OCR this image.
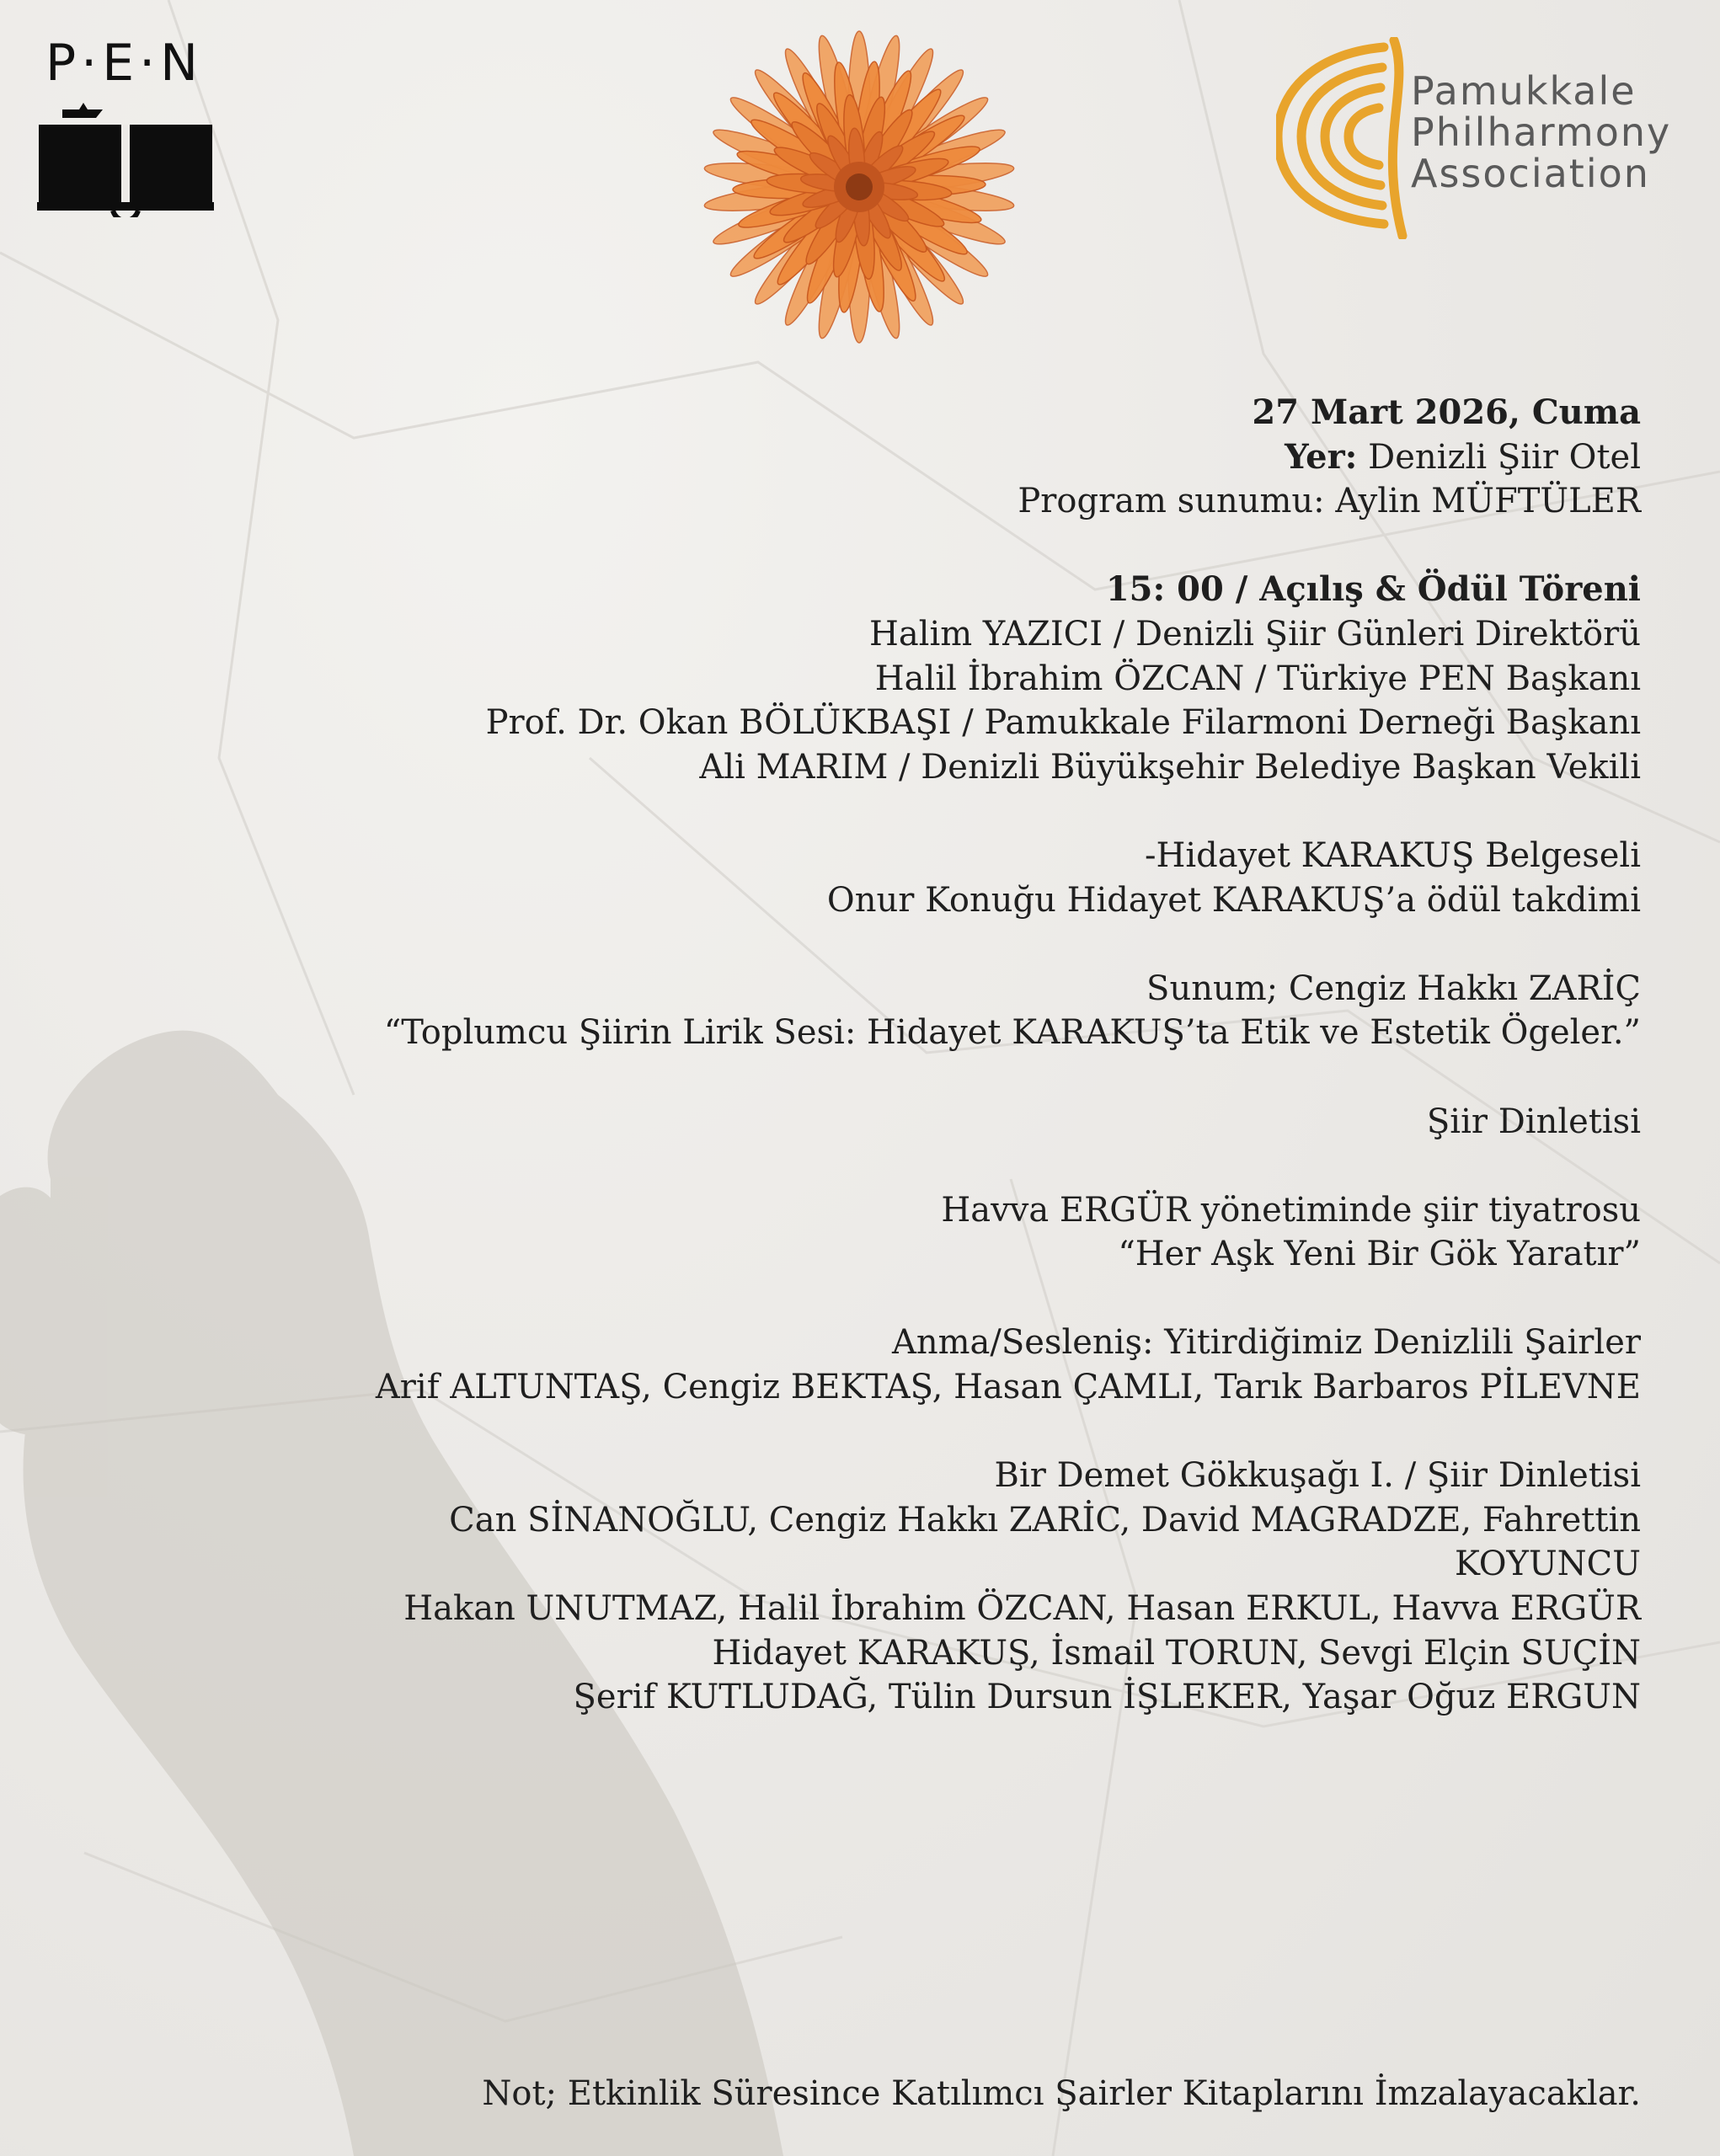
P·E·N	Pamukkale
Philharmony
Association
27 Mart 2026, Cuma
Yer: Denizli Şiir Otel
Program sunumu: Aylin MÜFTÜLER
15: 00 / Açılış & Ödül Töreni
Halim YAZICI / Denizli Şiir Günleri Direktörü
Halil İbrahim ÖZCAN / Türkiye PEN Başkanı
Prof. Dr. Okan BÖLÜKBAŞI / Pamukkale Filarmoni Derneği Başkanı
Ali MARIM / Denizli Büyükşehir Belediye Başkan Vekili
-Hidayet KARAKUŞ Belgeseli
Onur Konuğu Hidayet KARAKUŞ’a ödül takdimi
Sunum; Cengiz Hakkı ZARİÇ
“Toplumcu Şiirin Lirik Sesi: Hidayet KARAKUŞ’ta Etik ve Estetik Ögeler.”
Şiir Dinletisi
Havva ERGÜR yönetiminde şiir tiyatrosu
“Her Aşk Yeni Bir Gök Yaratır”
Anma/Sesleniş: Yitirdiğimiz Denizlili Şairler
Arif ALTUNTAŞ, Cengiz BEKTAŞ, Hasan ÇAMLI, Tarık Barbaros PİLEVNE
Bir Demet Gökkuşağı I. / Şiir Dinletisi
Can SİNANOĞLU, Cengiz Hakkı ZARİC, David MAGRADZE, Fahrettin
KOYUNCU
Hakan UNUTMAZ, Halil İbrahim ÖZCAN, Hasan ERKUL, Havva ERGÜR
Hidayet KARAKUŞ, İsmail TORUN, Sevgi Elçin SUÇİN
Şerif KUTLUDAĞ, Tülin Dursun İŞLEKER, Yaşar Oğuz ERGUN
Not; Etkinlik Süresince Katılımcı Şairler Kitaplarını İmzalayacaklar.
